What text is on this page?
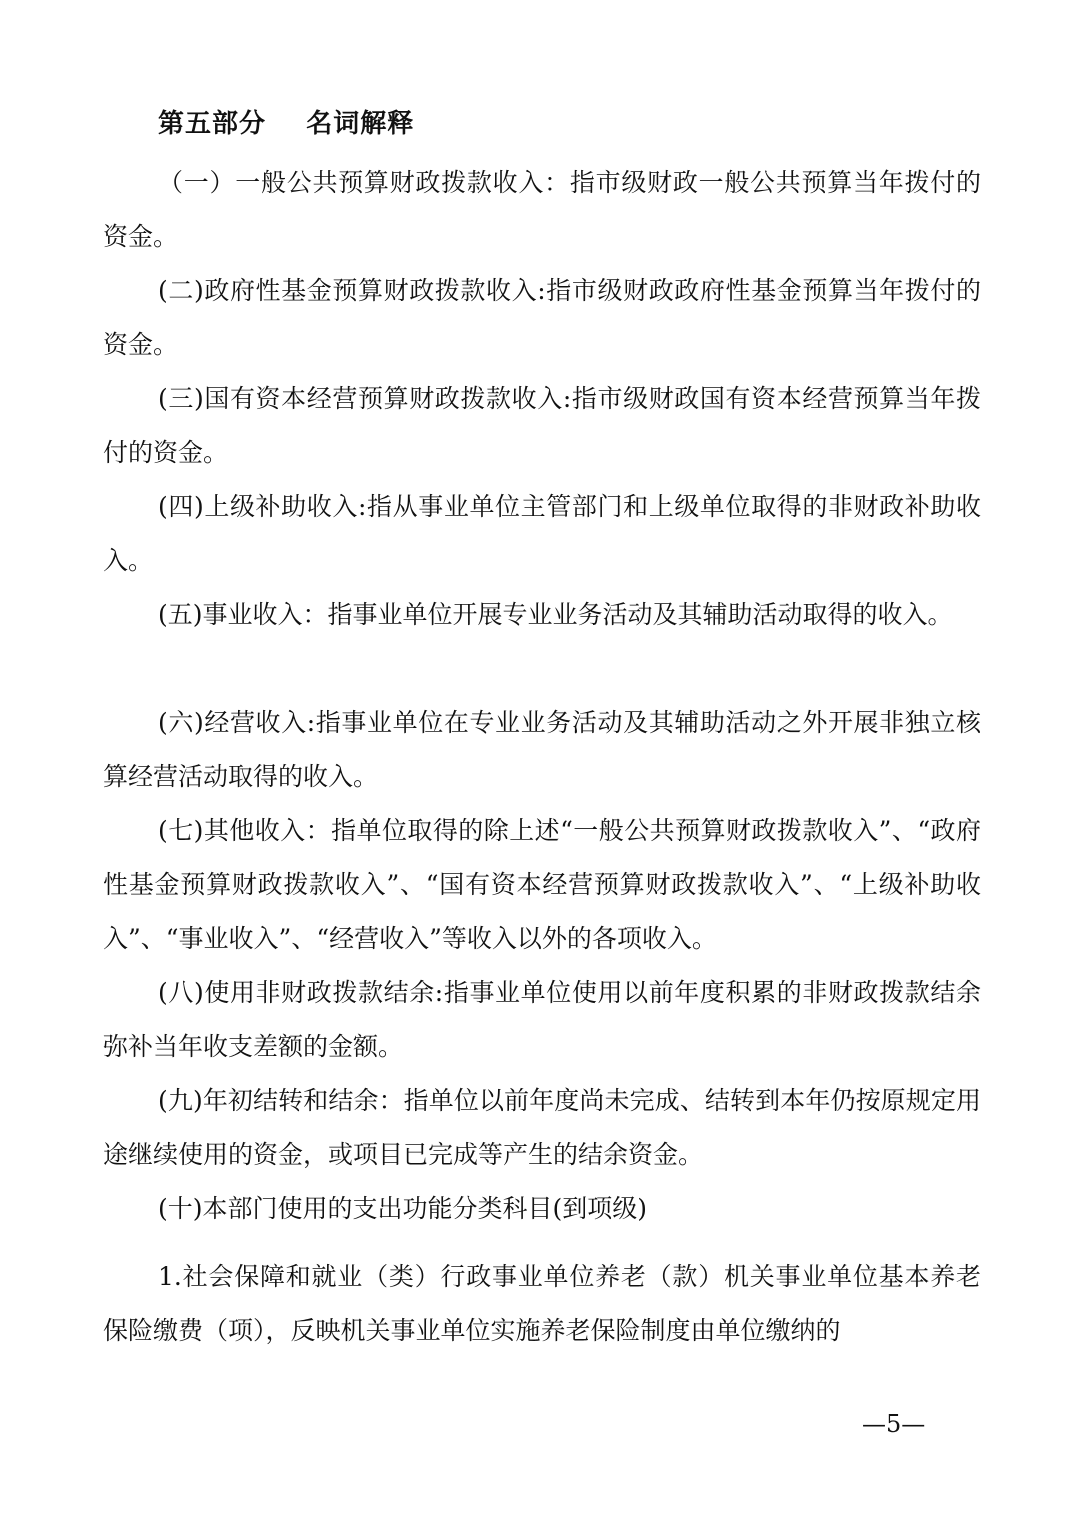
第五部分    名词解释

（一）一般公共预算财政拨款收入：指市级财政一般公共预算当年拨付的资金。

(二)政府性基金预算财政拨款收入:指市级财政政府性基金预算当年拨付的资金。

(三)国有资本经营预算财政拨款收入:指市级财政国有资本经营预算当年拨付的资金。

(四)上级补助收入:指从事业单位主管部门和上级单位取得的非财政补助收入。

(五)事业收入：指事业单位开展专业业务活动及其辅助活动取得的收入。

(六)经营收入:指事业单位在专业业务活动及其辅助活动之外开展非独立核算经营活动取得的收入。

(七)其他收入：指单位取得的除上述“一般公共预算财政拨款收入”、“政府性基金预算财政拨款收入”、“国有资本经营预算财政拨款收入”、“上级补助收入”、“事业收入”、“经营收入”等收入以外的各项收入。

(八)使用非财政拨款结余:指事业单位使用以前年度积累的非财政拨款结余弥补当年收支差额的金额。

(九)年初结转和结余：指单位以前年度尚未完成、结转到本年仍按原规定用途继续使用的资金，或项目已完成等产生的结余资金。

(十)本部门使用的支出功能分类科目(到项级)

1.社会保障和就业（类）行政事业单位养老（款）机关事业单位基本养老保险缴费（项），反映机关事业单位实施养老保险制度由单位缴纳的

—5—
